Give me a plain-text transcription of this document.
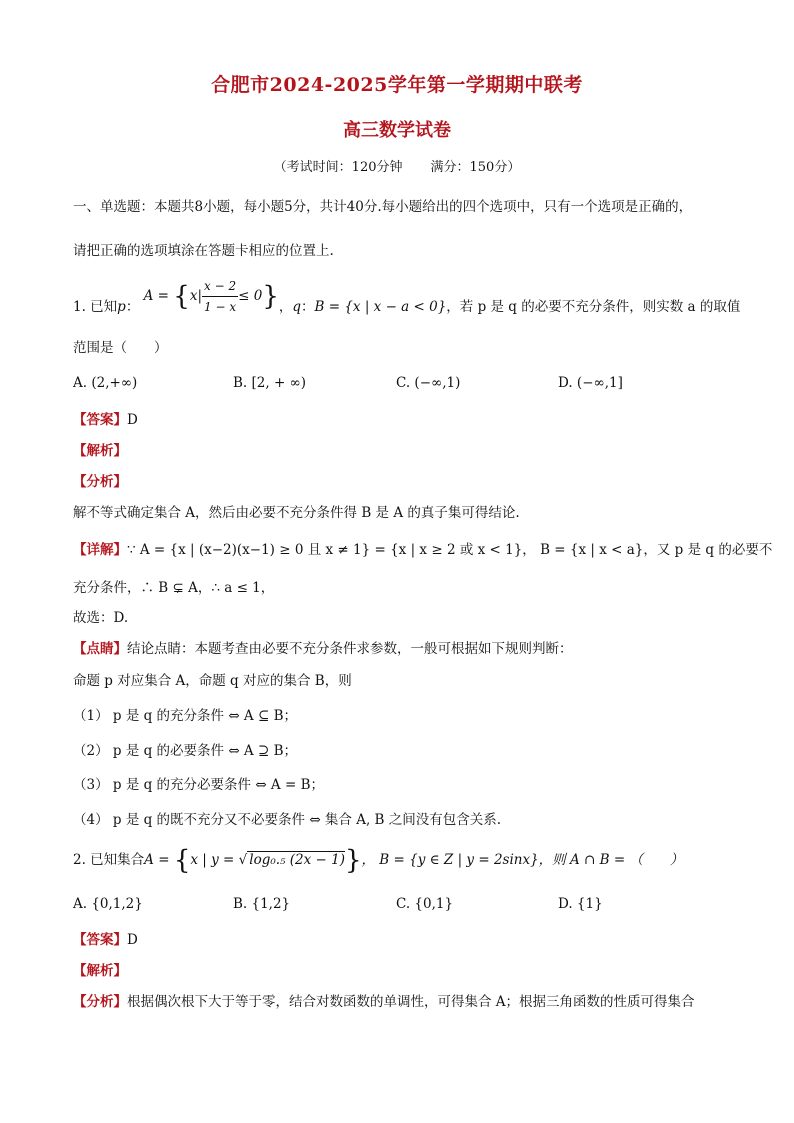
合肥市2024-2025学年第一学期期中联考
高三数学试卷
（考试时间：120分钟 满分：150分）
一、单选题：本题共8小题，每小题5分，共计40分.每小题给出的四个选项中，只有一个选项是正确的，
请把正确的选项填涂在答题卡相应的位置上.
1. 已知p： $A = \{x| \frac{x - 2}{1 - x} \le 0\}$，q：B = {x | x − a < 0}，若 p 是 q 的必要不充分条件，则实数 a 的取值
范围是（　　）
A. (2,+∞)	B. [2, + ∞)	C. (−∞,1)	D. (−∞,1]
【答案】D
【解析】
【分析】
解不等式确定集合 A，然后由必要不充分条件得 B 是 A 的真子集可得结论.
【详解】∵ A = {x | (x−2)(x−1) ≥ 0 且 x ≠ 1} = {x | x ≥ 2 或 x < 1}， B = {x | x < a}，又 p 是 q 的必要不
充分条件，∴ B ⊊ A，∴ a ≤ 1，
故选：D.
【点睛】结论点睛：本题考查由必要不充分条件求参数，一般可根据如下规则判断：
命题 p 对应集合 A，命题 q 对应的集合 B，则
（1） p 是 q 的充分条件 ⇔ A ⊆ B；
（2） p 是 q 的必要条件 ⇔ A ⊇ B；
（3） p 是 q 的充分必要条件 ⇔ A = B；
（4） p 是 q 的既不充分又不必要条件 ⇔ 集合 A, B 之间没有包含关系.
2. 已知集合A = {x | y = √ log₀.₅ (2x − 1)}， B = {y ∈ Z | y = 2sinx}，则 A ∩ B = （　　）
A. {0,1,2}	B. {1,2}	C. {0,1}	D. {1}
【答案】D
【解析】
【分析】根据偶次根下大于等于零，结合对数函数的单调性，可得集合 A；根据三角函数的性质可得集合
